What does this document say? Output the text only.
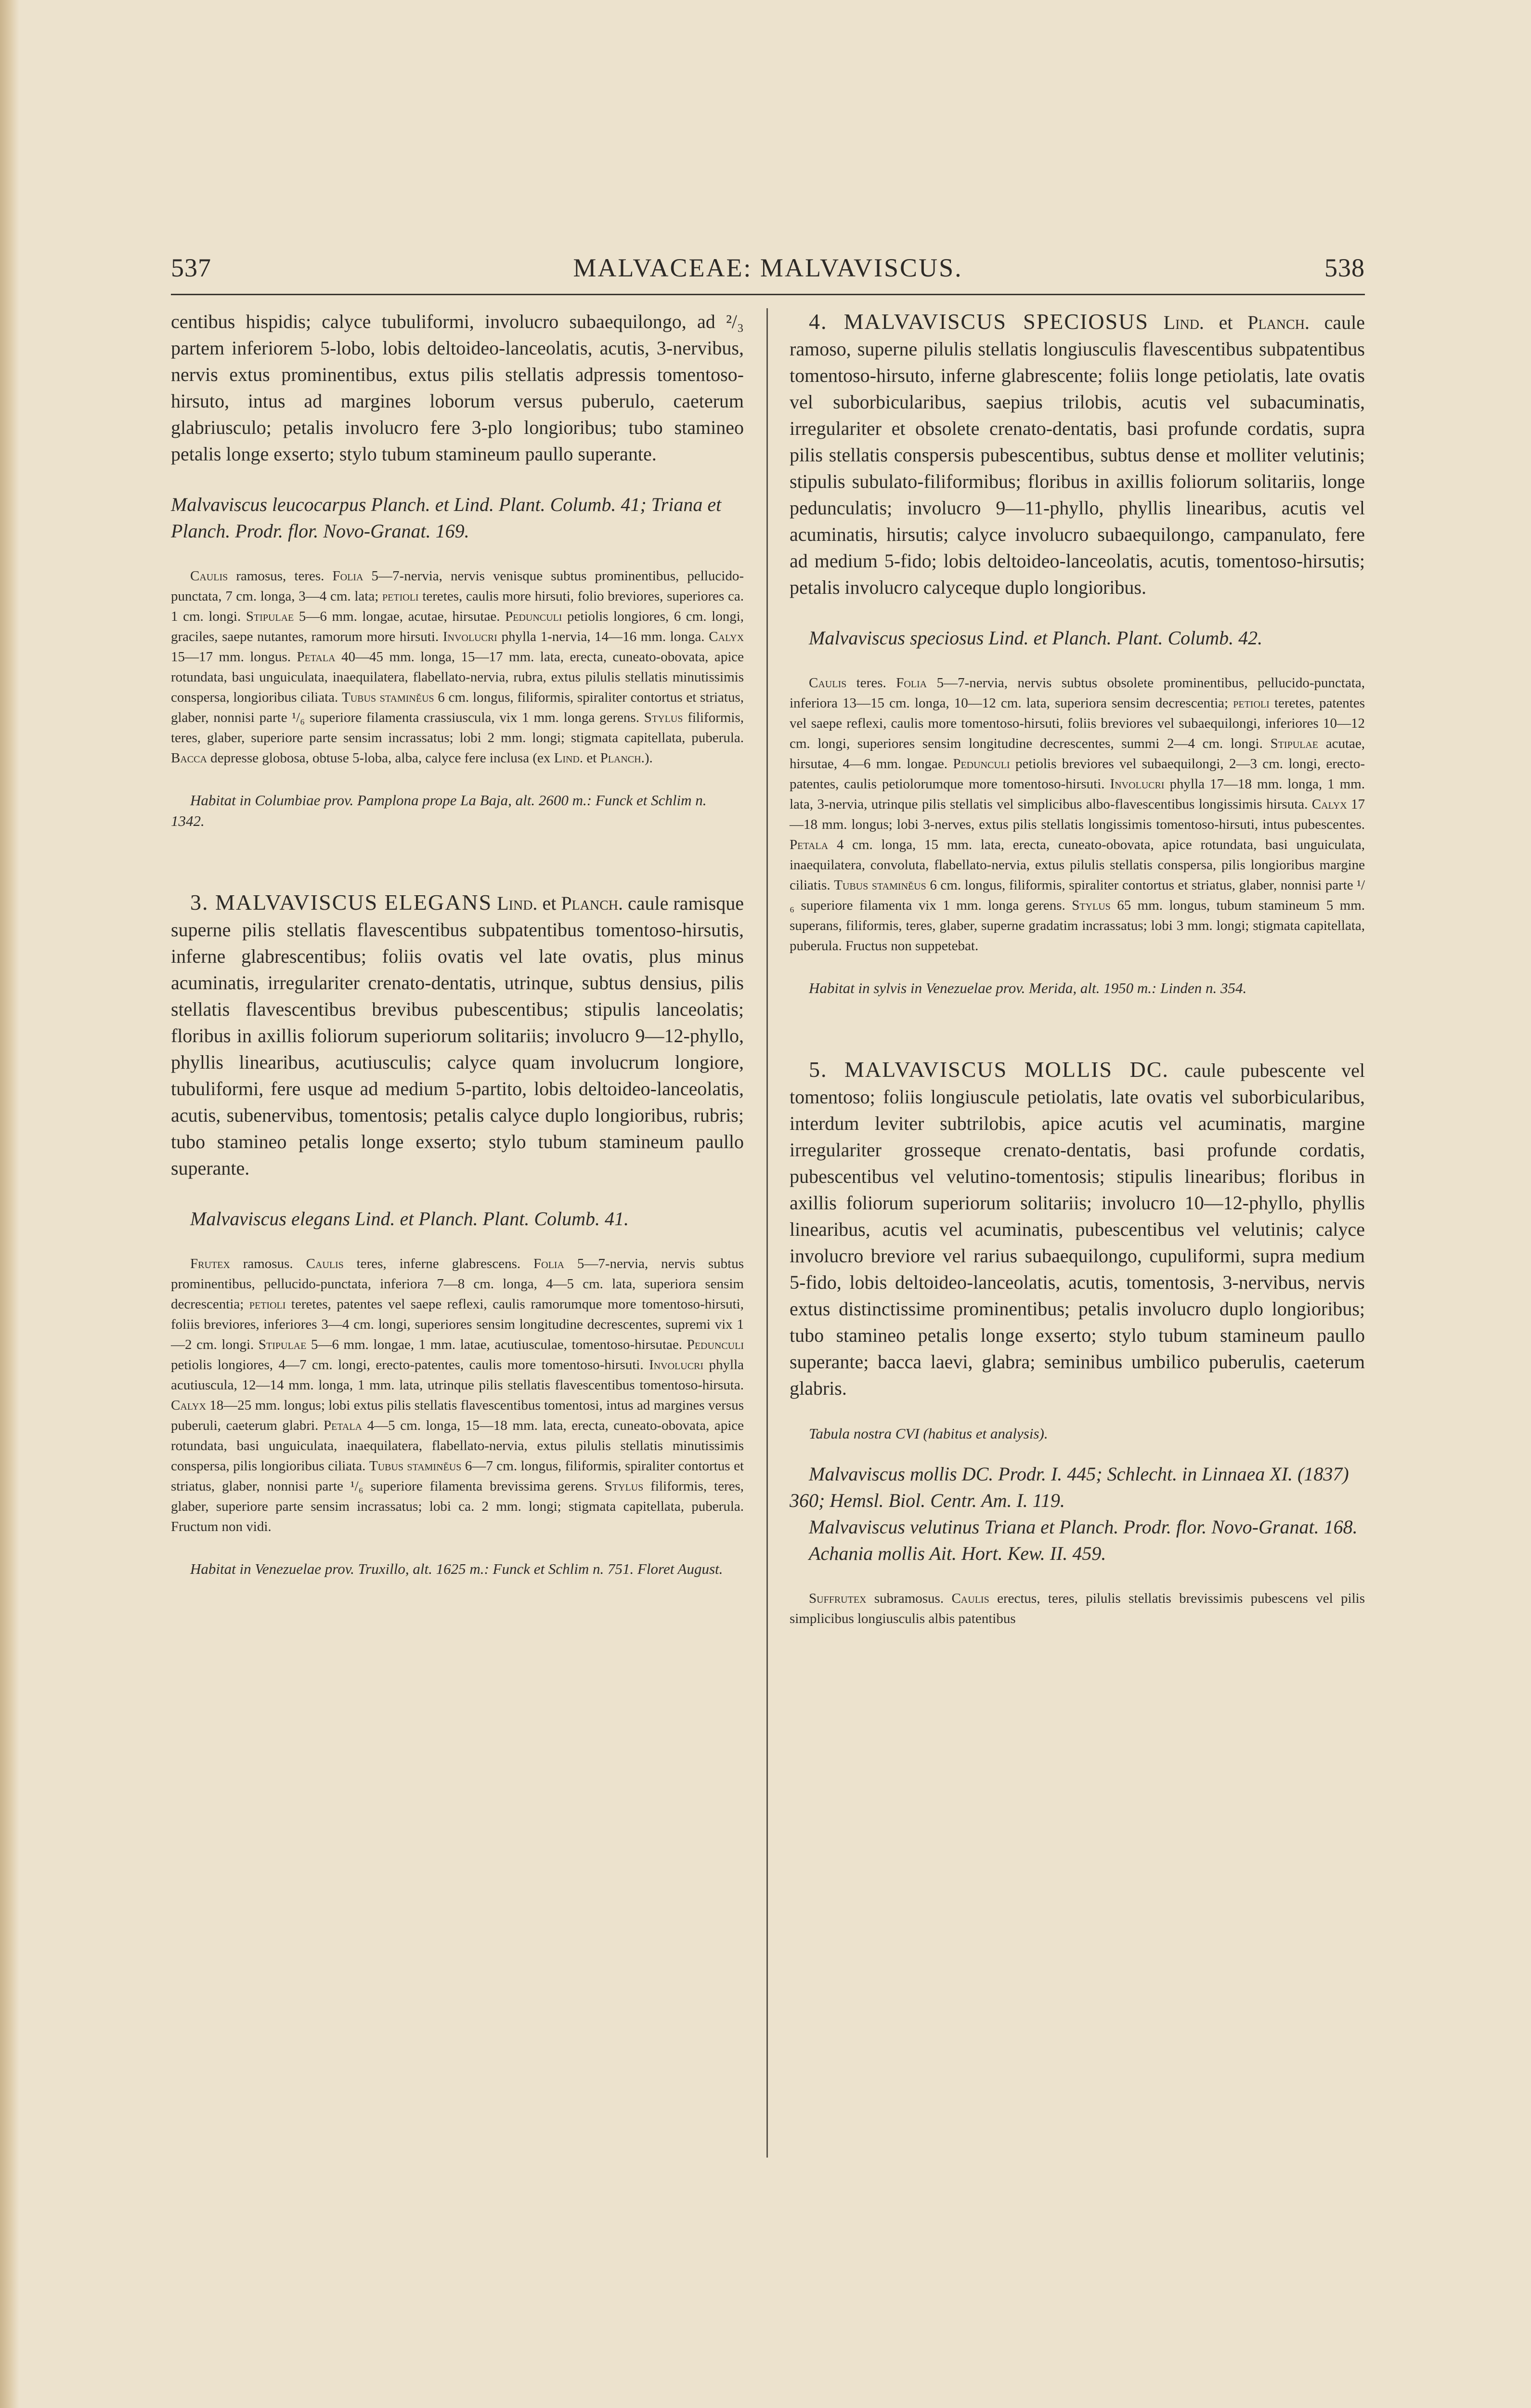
537	MALVACEAE: MALVAVISCUS.	538

centibus hispidis; calyce tubuliformi, involucro subaequilongo, ad ²/₃ partem inferiorem 5-lobo, lobis deltoideo-lanceolatis, acutis, 3-nervibus, nervis extus prominentibus, extus pilis stellatis adpressis tomentoso-hirsuto, intus ad margines loborum versus puberulo, caeterum glabriusculo; petalis involucro fere 3-plo longioribus; tubo stamineo petalis longe exserto; stylo tubum stamineum paullo superante.

Malvaviscus leucocarpus Planch. et Lind. Plant. Columb. 41; Triana et Planch. Prodr. flor. Novo-Granat. 169.

Caulis ramosus, teres. Folia 5—7-nervia, nervis venisque subtus prominentibus, pellucido-punctata, 7 cm. longa, 3—4 cm. lata; petioli teretes, caulis more hirsuti, folio breviores, superiores ca. 1 cm. longi. Stipulae 5—6 mm. longae, acutae, hirsutae. Pedunculi petiolis longiores, 6 cm. longi, graciles, saepe nutantes, ramorum more hirsuti. Involucri phylla 1-nervia, 14—16 mm. longa. Calyx 15—17 mm. longus. Petala 40—45 mm. longa, 15—17 mm. lata, erecta, cuneato-obovata, apice rotundata, basi unguiculata, inaequilatera, flabellato-nervia, rubra, extus pilulis stellatis minutissimis conspersa, longioribus ciliata. Tubus staminĕus 6 cm. longus, filiformis, spiraliter contortus et striatus, glaber, nonnisi parte ¹/₆ superiore filamenta crassiuscula, vix 1 mm. longa gerens. Stylus filiformis, teres, glaber, superiore parte sensim incrassatus; lobi 2 mm. longi; stigmata capitellata, puberula. Bacca depresse globosa, obtuse 5-loba, alba, calyce fere inclusa (ex Lind. et Planch.).

Habitat in Columbiae prov. Pamplona prope La Baja, alt. 2600 m.: Funck et Schlim n. 1342.

3. MALVAVISCUS ELEGANS Lind. et Planch. caule ramisque superne pilis stellatis flavescentibus subpatentibus tomentoso-hirsutis, inferne glabrescentibus; foliis ovatis vel late ovatis, plus minus acuminatis, irregulariter crenato-dentatis, utrinque, subtus densius, pilis stellatis flavescentibus brevibus pubescentibus; stipulis lanceolatis; floribus in axillis foliorum superiorum solitariis; involucro 9—12-phyllo, phyllis linearibus, acutiusculis; calyce quam involucrum longiore, tubuliformi, fere usque ad medium 5-partito, lobis deltoideo-lanceolatis, acutis, subenervibus, tomentosis; petalis calyce duplo longioribus, rubris; tubo stamineo petalis longe exserto; stylo tubum stamineum paullo superante.

Malvaviscus elegans Lind. et Planch. Plant. Columb. 41.

Frutex ramosus. Caulis teres, inferne glabrescens. Folia 5—7-nervia, nervis subtus prominentibus, pellucido-punctata, inferiora 7—8 cm. longa, 4—5 cm. lata, superiora sensim decrescentia; petioli teretes, patentes vel saepe reflexi, caulis ramorumque more tomentoso-hirsuti, foliis breviores, inferiores 3—4 cm. longi, superiores sensim longitudine decrescentes, supremi vix 1—2 cm. longi. Stipulae 5—6 mm. longae, 1 mm. latae, acutiusculae, tomentoso-hirsutae. Pedunculi petiolis longiores, 4—7 cm. longi, erecto-patentes, caulis more tomentoso-hirsuti. Involucri phylla acutiuscula, 12—14 mm. longa, 1 mm. lata, utrinque pilis stellatis flavescentibus tomentoso-hirsuta. Calyx 18—25 mm. longus; lobi extus pilis stellatis flavescentibus tomentosi, intus ad margines versus puberuli, caeterum glabri. Petala 4—5 cm. longa, 15—18 mm. lata, erecta, cuneato-obovata, apice rotundata, basi unguiculata, inaequilatera, flabellato-nervia, extus pilulis stellatis minutissimis conspersa, pilis longioribus ciliata. Tubus staminĕus 6—7 cm. longus, filiformis, spiraliter contortus et striatus, glaber, nonnisi parte ¹/₆ superiore filamenta brevissima gerens. Stylus filiformis, teres, glaber, superiore parte sensim incrassatus; lobi ca. 2 mm. longi; stigmata capitellata, puberula. Fructum non vidi.

Habitat in Venezuelae prov. Truxillo, alt. 1625 m.: Funck et Schlim n. 751. Floret August.

4. MALVAVISCUS SPECIOSUS Lind. et Planch. caule ramoso, superne pilulis stellatis longiusculis flavescentibus subpatentibus tomentoso-hirsuto, inferne glabrescente; foliis longe petiolatis, late ovatis vel suborbicularibus, saepius trilobis, acutis vel subacuminatis, irregulariter et obsolete crenato-dentatis, basi profunde cordatis, supra pilis stellatis conspersis pubescentibus, subtus dense et molliter velutinis; stipulis subulato-filiformibus; floribus in axillis foliorum solitariis, longe pedunculatis; involucro 9—11-phyllo, phyllis linearibus, acutis vel acuminatis, hirsutis; calyce involucro subaequilongo, campanulato, fere ad medium 5-fido; lobis deltoideo-lanceolatis, acutis, tomentoso-hirsutis; petalis involucro calyceque duplo longioribus.

Malvaviscus speciosus Lind. et Planch. Plant. Columb. 42.

Caulis teres. Folia 5—7-nervia, nervis subtus obsolete prominentibus, pellucido-punctata, inferiora 13—15 cm. longa, 10—12 cm. lata, superiora sensim decrescentia; petioli teretes, patentes vel saepe reflexi, caulis more tomentoso-hirsuti, foliis breviores vel subaequilongi, inferiores 10—12 cm. longi, superiores sensim longitudine decrescentes, summi 2—4 cm. longi. Stipulae acutae, hirsutae, 4—6 mm. longae. Pedunculi petiolis breviores vel subaequilongi, 2—3 cm. longi, erecto-patentes, caulis petiolorumque more tomentoso-hirsuti. Involucri phylla 17—18 mm. longa, 1 mm. lata, 3-nervia, utrinque pilis stellatis vel simplicibus albo-flavescentibus longissimis hirsuta. Calyx 17—18 mm. longus; lobi 3-nerves, extus pilis stellatis longissimis tomentoso-hirsuti, intus pubescentes. Petala 4 cm. longa, 15 mm. lata, erecta, cuneato-obovata, apice rotundata, basi unguiculata, inaequilatera, convoluta, flabellato-nervia, extus pilulis stellatis conspersa, pilis longioribus margine ciliatis. Tubus staminĕus 6 cm. longus, filiformis, spiraliter contortus et striatus, glaber, nonnisi parte ¹/₆ superiore filamenta vix 1 mm. longa gerens. Stylus 65 mm. longus, tubum stamineum 5 mm. superans, filiformis, teres, glaber, superne gradatim incrassatus; lobi 3 mm. longi; stigmata capitellata, puberula. Fructus non suppetebat.

Habitat in sylvis in Venezuelae prov. Merida, alt. 1950 m.: Linden n. 354.

5. MALVAVISCUS MOLLIS DC. caule pubescente vel tomentoso; foliis longiuscule petiolatis, late ovatis vel suborbicularibus, interdum leviter subtrilobis, apice acutis vel acuminatis, margine irregulariter grosseque crenato-dentatis, basi profunde cordatis, pubescentibus vel velutino-tomentosis; stipulis linearibus; floribus in axillis foliorum superiorum solitariis; involucro 10—12-phyllo, phyllis linearibus, acutis vel acuminatis, pubescentibus vel velutinis; calyce involucro breviore vel rarius subaequilongo, cupuliformi, supra medium 5-fido, lobis deltoideo-lanceolatis, acutis, tomentosis, 3-nervibus, nervis extus distinctissime prominentibus; petalis involucro duplo longioribus; tubo stamineo petalis longe exserto; stylo tubum stamineum paullo superante; bacca laevi, glabra; seminibus umbilico puberulis, caeterum glabris.

Tabula nostra CVI (habitus et analysis).

Malvaviscus mollis DC. Prodr. I. 445; Schlecht. in Linnaea XI. (1837) 360; Hemsl. Biol. Centr. Am. I. 119.

Malvaviscus velutinus Triana et Planch. Prodr. flor. Novo-Granat. 168.

Achania mollis Ait. Hort. Kew. II. 459.

Suffrutex subramosus. Caulis erectus, teres, pilulis stellatis brevissimis pubescens vel pilis simplicibus longiusculis albis patentibus
